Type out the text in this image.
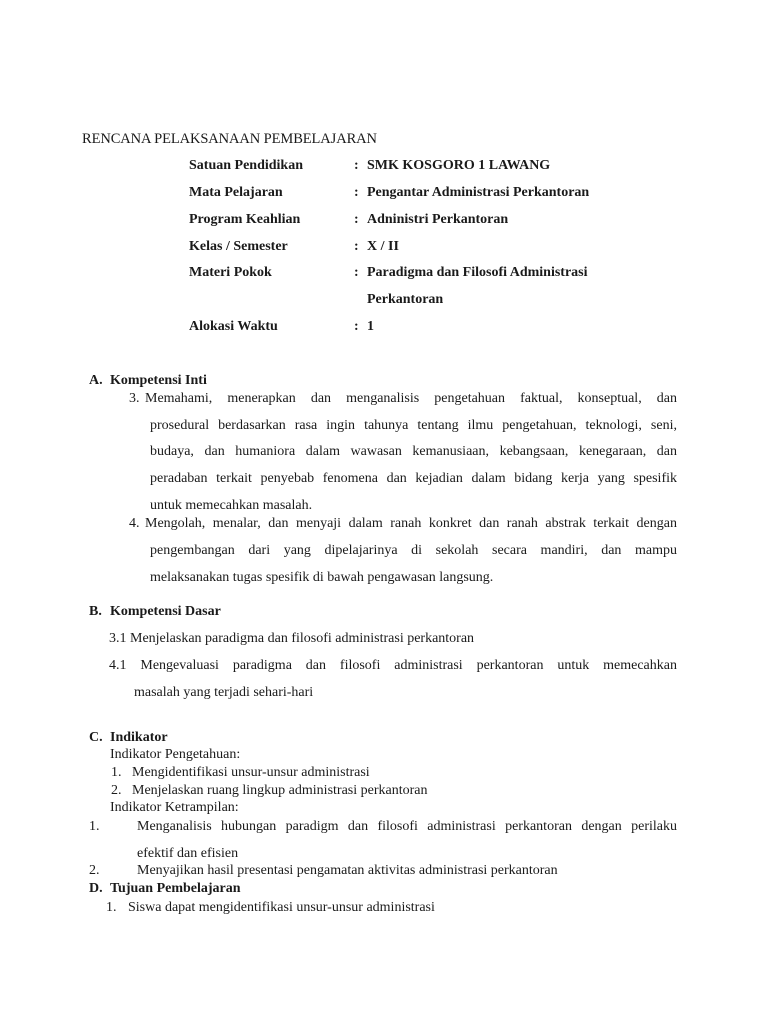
RENCANA PELAKSANAAN PEMBELAJARAN
Satuan Pendidikan	: SMK KOSGORO 1 LAWANG
Mata Pelajaran	: Pengantar Administrasi Perkantoran
Program Keahlian	: Adninistri Perkantoran
Kelas / Semester	: X / II
Materi Pokok	: Paradigma dan Filosofi Administrasi
Perkantoran
Alokasi Waktu	: 1
A. Kompetensi Inti
3. Memahami, menerapkan dan menganalisis pengetahuan faktual, konseptual, dan
prosedural berdasarkan rasa ingin tahunya tentang ilmu pengetahuan, teknologi, seni,
budaya, dan humaniora dalam wawasan kemanusiaan, kebangsaan, kenegaraan, dan
peradaban terkait penyebab fenomena dan kejadian dalam bidang kerja yang spesifik
untuk memecahkan masalah.
4. Mengolah, menalar, dan menyaji dalam ranah konkret dan ranah abstrak terkait dengan
pengembangan dari yang dipelajarinya di sekolah secara mandiri, dan mampu
melaksanakan tugas spesifik di bawah pengawasan langsung.
B. Kompetensi Dasar
3.1 Menjelaskan paradigma dan filosofi administrasi perkantoran
4.1 Mengevaluasi paradigma dan filosofi administrasi perkantoran untuk memecahkan
masalah yang terjadi sehari-hari
C. Indikator
Indikator Pengetahuan:
1. Mengidentifikasi unsur-unsur administrasi
2. Menjelaskan ruang lingkup administrasi perkantoran
Indikator Ketrampilan:
1.	Menganalisis hubungan paradigm dan filosofi administrasi perkantoran dengan perilaku
efektif dan efisien
2.	Menyajikan hasil presentasi pengamatan aktivitas administrasi perkantoran
D. Tujuan Pembelajaran
1. Siswa dapat mengidentifikasi unsur-unsur administrasi
